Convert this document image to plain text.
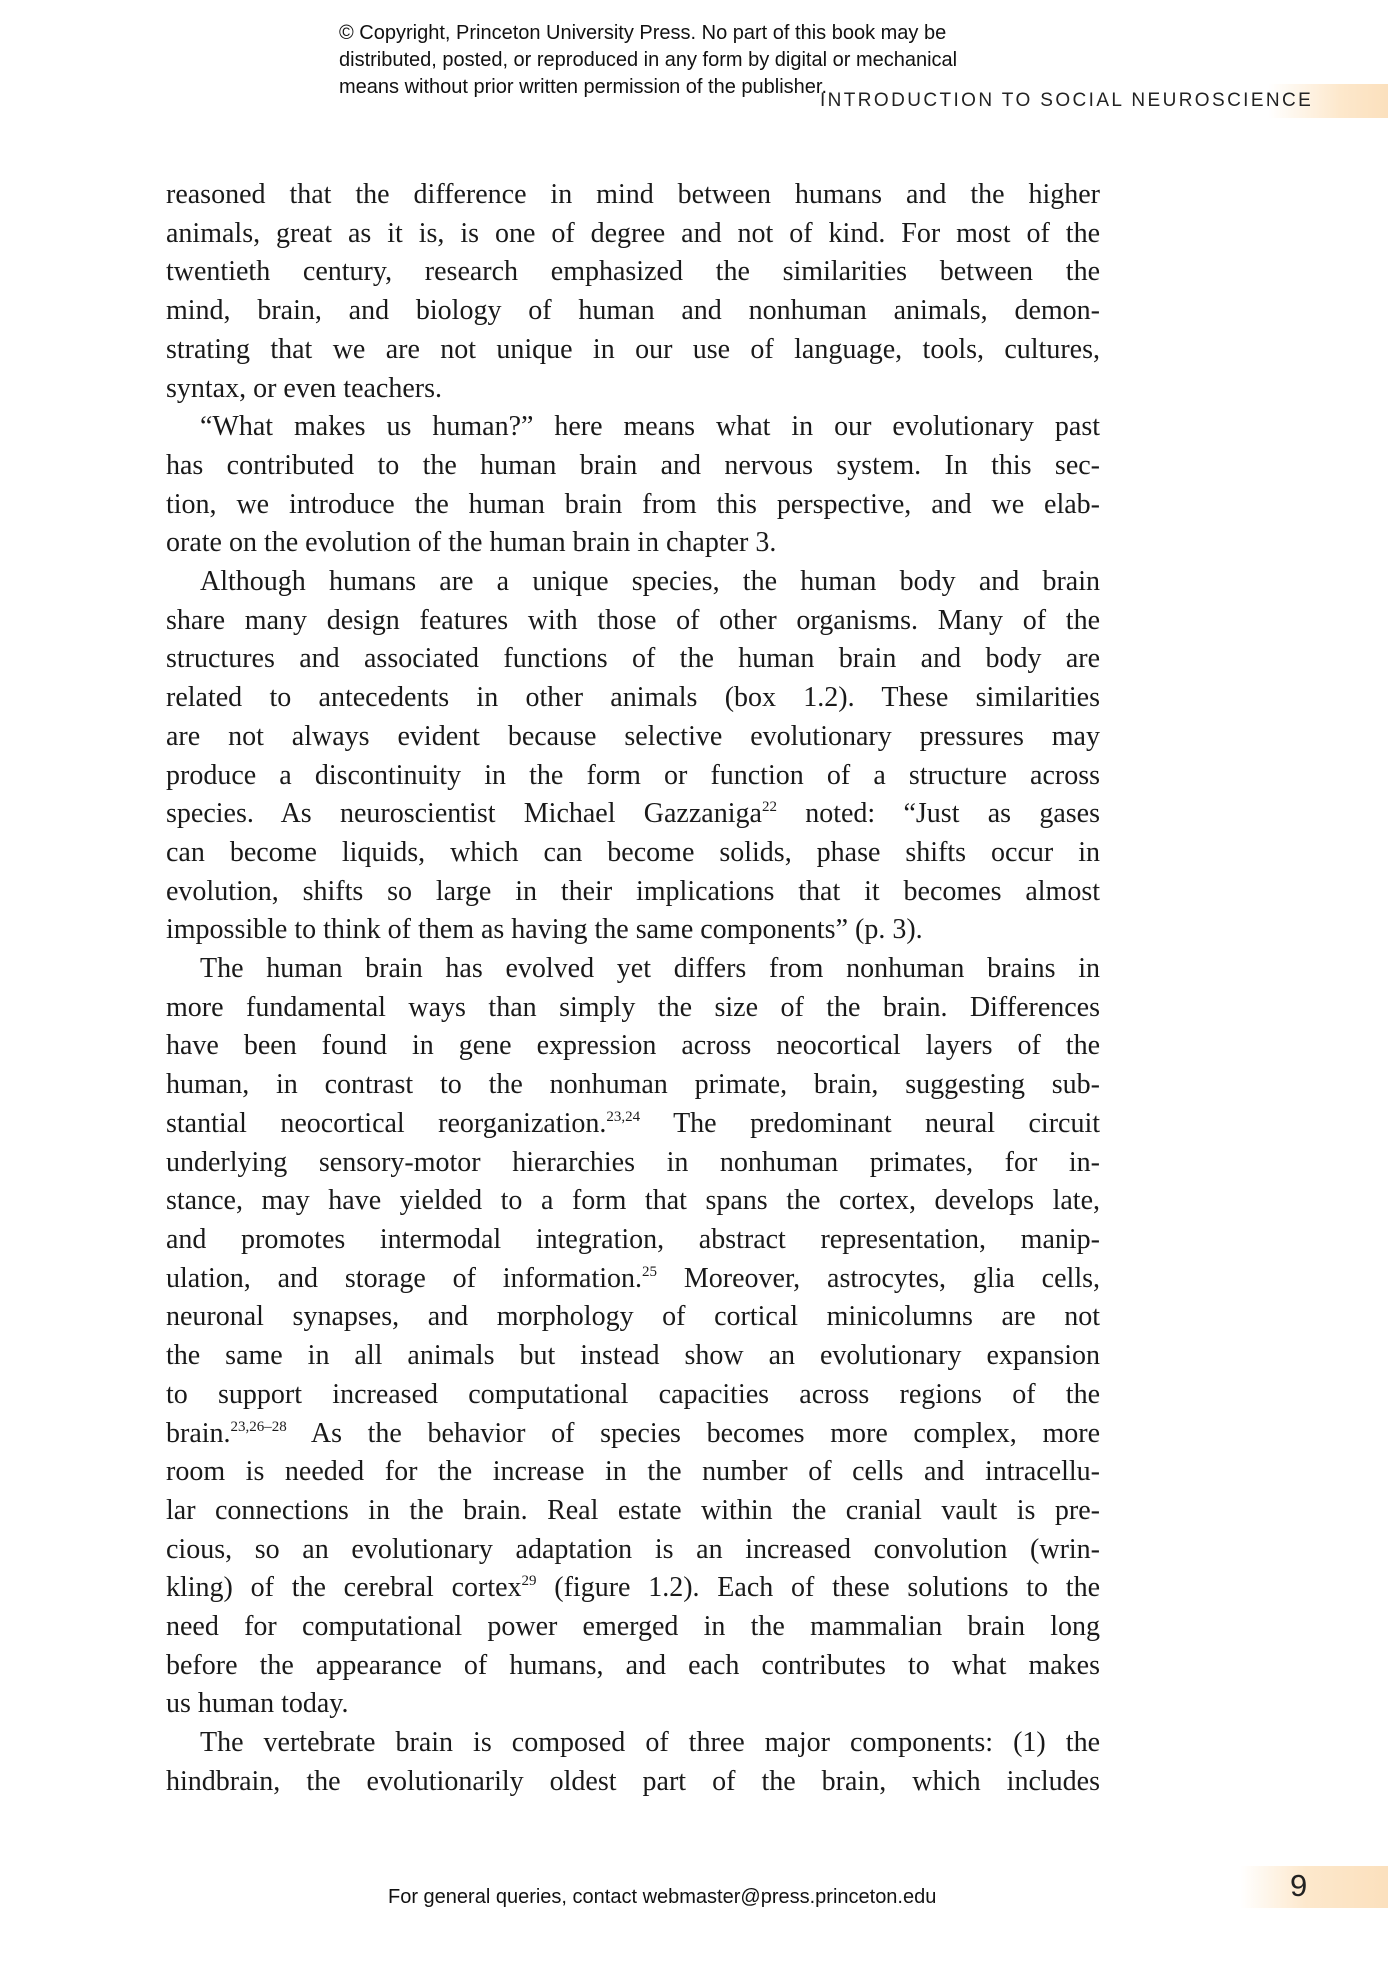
© Copyright, Princeton University Press. No part of this book may be
distributed, posted, or reproduced in any form by digital or mechanical
means without prior written permission of the publisher.
INTRODUCTION TO SOCIAL NEUROSCIENCE

reasoned that the difference in mind between humans and the higher
animals, great as it is, is one of degree and not of kind. For most of the
twentieth century, research emphasized the similarities between the
mind, brain, and biology of human and nonhuman animals, demon-
strating that we are not unique in our use of language, tools, cultures,
syntax, or even teachers.

“What makes us human?” here means what in our evolutionary past
has contributed to the human brain and nervous system. In this sec-
tion, we introduce the human brain from this perspective, and we elab-
orate on the evolution of the human brain in chapter 3.

Although humans are a unique species, the human body and brain
share many design features with those of other organisms. Many of the
structures and associated functions of the human brain and body are
related to antecedents in other animals (box 1.2). These similarities
are not always evident because selective evolutionary pressures may
produce a discontinuity in the form or function of a structure across
species. As neuroscientist Michael Gazzaniga$^{22}$ noted: “Just as gases
can become liquids, which can become solids, phase shifts occur in
evolution, shifts so large in their implications that it becomes almost
impossible to think of them as having the same components” (p. 3).

The human brain has evolved yet differs from nonhuman brains in
more fundamental ways than simply the size of the brain. Differences
have been found in gene expression across neocortical layers of the
human, in contrast to the nonhuman primate, brain, suggesting sub-
stantial neocortical reorganization.$^{23,24}$ The predominant neural circuit
underlying sensory-motor hierarchies in nonhuman primates, for in-
stance, may have yielded to a form that spans the cortex, develops late,
and promotes intermodal integration, abstract representation, manip-
ulation, and storage of information.$^{25}$ Moreover, astrocytes, glia cells,
neuronal synapses, and morphology of cortical minicolumns are not
the same in all animals but instead show an evolutionary expansion
to support increased computational capacities across regions of the
brain.$^{23,26-28}$ As the behavior of species becomes more complex, more
room is needed for the increase in the number of cells and intracellu-
lar connections in the brain. Real estate within the cranial vault is pre-
cious, so an evolutionary adaptation is an increased convolution (wrin-
kling) of the cerebral cortex$^{29}$ (figure 1.2). Each of these solutions to the
need for computational power emerged in the mammalian brain long
before the appearance of humans, and each contributes to what makes
us human today.

The vertebrate brain is composed of three major components: (1) the
hindbrain, the evolutionarily oldest part of the brain, which includes

For general queries, contact webmaster@press.princeton.edu	9
